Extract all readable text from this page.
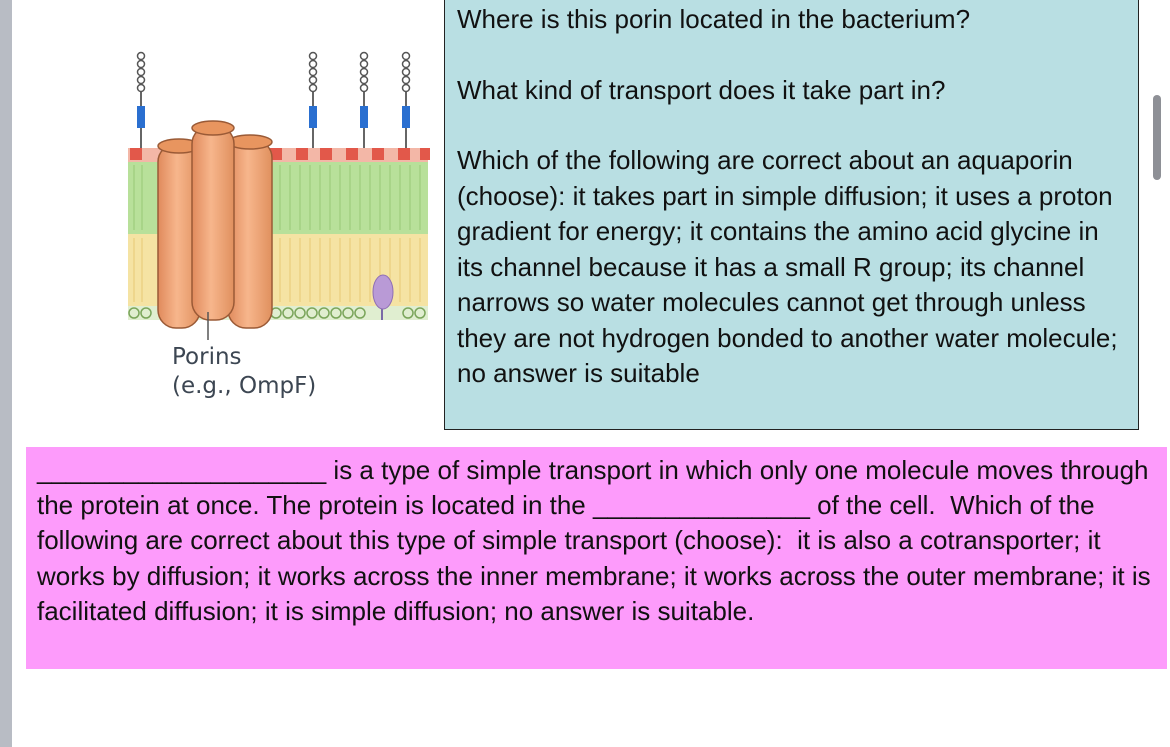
Porins
(e.g., OmpF)

Where is this porin located in the bacterium?

What kind of transport does it take part in?

Which of the following are correct about an aquaporin (choose): it takes part in simple diffusion; it uses a proton gradient for energy; it contains the amino acid glycine in its channel because it has a small R group; its channel narrows so water molecules cannot get through unless they are not hydrogen bonded to another water molecule; no answer is suitable

____________________ is a type of simple transport in which only one molecule moves through the protein at once. The protein is located in the _______________ of the cell.  Which of the following are correct about this type of simple transport (choose):  it is also a cotransporter; it works by diffusion; it works across the inner membrane; it works across the outer membrane; it is facilitated diffusion; it is simple diffusion; no answer is suitable.
